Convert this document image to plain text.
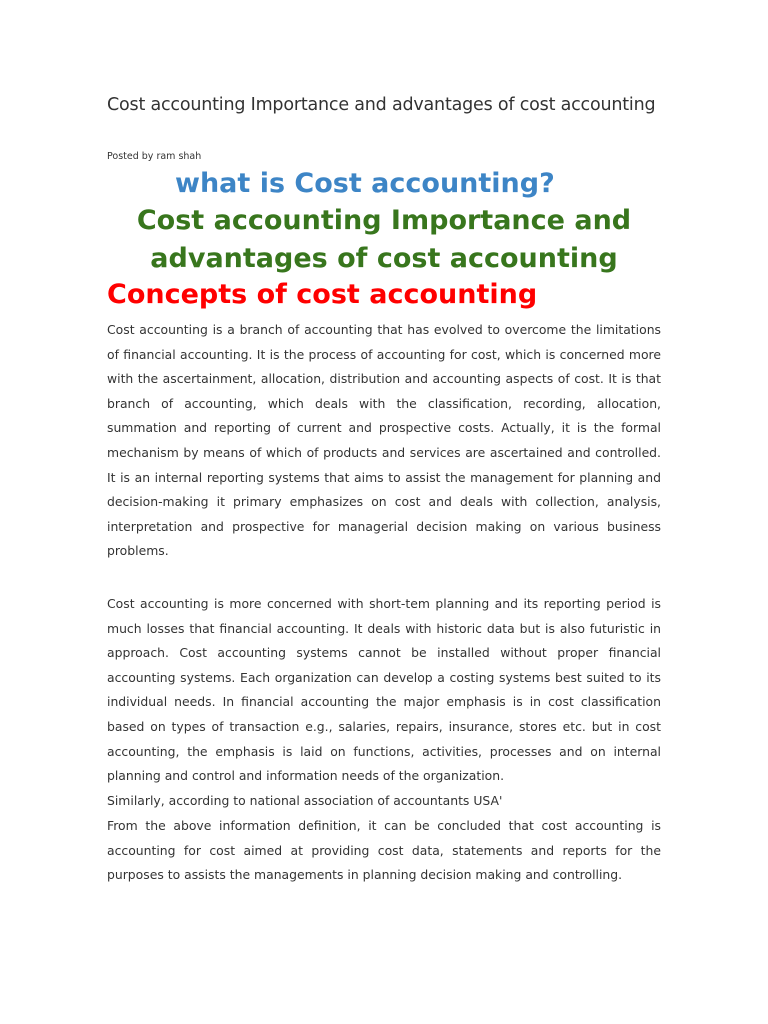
Cost accounting Importance and advantages of cost accounting
Posted by ram shah
what is Cost accounting?
Cost accounting Importance and advantages of cost accounting
Concepts of cost accounting

Cost accounting is a branch of accounting that has evolved to overcome the limitations of financial accounting. It is the process of accounting for cost, which is concerned more with the ascertainment, allocation, distribution and accounting aspects of cost. It is that branch of accounting, which deals with the classification, recording, allocation, summation and reporting of current and prospective costs. Actually, it is the formal mechanism by means of which of products and services are ascertained and controlled. It is an internal reporting systems that aims to assist the management for planning and decision-making it primary emphasizes on cost and deals with collection, analysis, interpretation and prospective for managerial decision making on various business problems.

Cost accounting is more concerned with short-tem planning and its reporting period is much losses that financial accounting. It deals with historic data but is also futuristic in approach. Cost accounting systems cannot be installed without proper financial accounting systems. Each organization can develop a costing systems best suited to its individual needs. In financial accounting the major emphasis is in cost classification based on types of transaction e.g., salaries, repairs, insurance, stores etc. but in cost accounting, the emphasis is laid on functions, activities, processes and on internal planning and control and information needs of the organization.

Similarly, according to national association of accountants USA'

From the above information definition, it can be concluded that cost accounting is accounting for cost aimed at providing cost data, statements and reports for the purposes to assists the managements in planning decision making and controlling.
